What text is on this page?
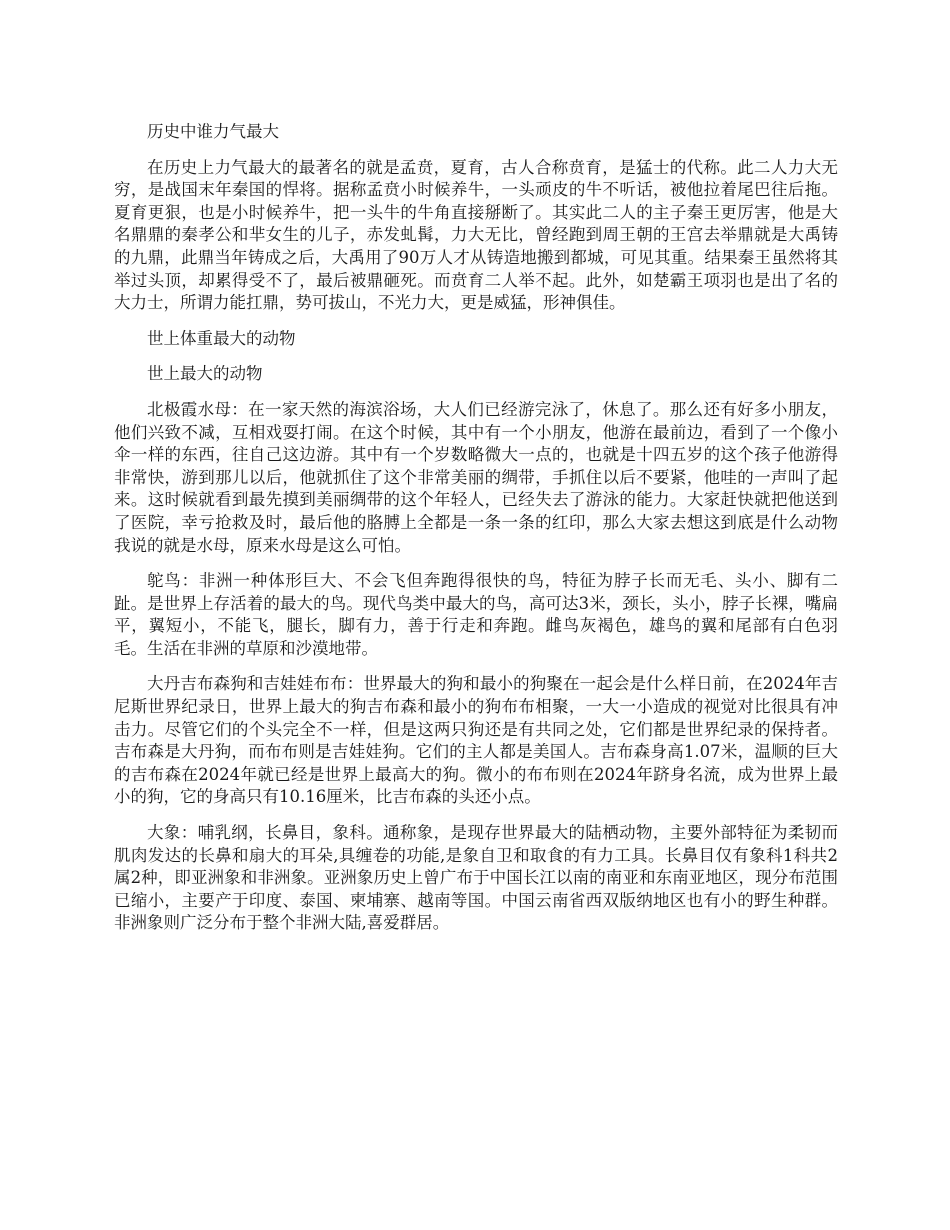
历史中谁力气最大

在历史上力气最大的最著名的就是孟贲，夏育，古人合称贲育，是猛士的代称。此二人力大无穷，是战国末年秦国的悍将。据称孟贲小时候养牛，一头顽皮的牛不听话，被他拉着尾巴往后拖。夏育更狠，也是小时候养牛，把一头牛的牛角直接掰断了。其实此二人的主子秦王更厉害，他是大名鼎鼎的秦孝公和芈女生的儿子，赤发虬髯，力大无比，曾经跑到周王朝的王宫去举鼎就是大禹铸的九鼎，此鼎当年铸成之后，大禹用了90万人才从铸造地搬到都城，可见其重。结果秦王虽然将其举过头顶，却累得受不了，最后被鼎砸死。而贲育二人举不起。此外，如楚霸王项羽也是出了名的大力士，所谓力能扛鼎，势可拔山，不光力大，更是威猛，形神俱佳。

世上体重最大的动物

世上最大的动物

北极霞水母：在一家天然的海滨浴场，大人们已经游完泳了，休息了。那么还有好多小朋友，他们兴致不减，互相戏耍打闹。在这个时候，其中有一个小朋友，他游在最前边，看到了一个像小伞一样的东西，往自己这边游。其中有一个岁数略微大一点的，也就是十四五岁的这个孩子他游得非常快，游到那儿以后，他就抓住了这个非常美丽的绸带，手抓住以后不要紧，他哇的一声叫了起来。这时候就看到最先摸到美丽绸带的这个年轻人，已经失去了游泳的能力。大家赶快就把他送到了医院，幸亏抢救及时，最后他的胳膊上全都是一条一条的红印，那么大家去想这到底是什么动物我说的就是水母，原来水母是这么可怕。

鸵鸟：非洲一种体形巨大、不会飞但奔跑得很快的鸟，特征为脖子长而无毛、头小、脚有二趾。是世界上存活着的最大的鸟。现代鸟类中最大的鸟，高可达3米，颈长，头小，脖子长裸，嘴扁平，翼短小，不能飞，腿长，脚有力，善于行走和奔跑。雌鸟灰褐色，雄鸟的翼和尾部有白色羽毛。生活在非洲的草原和沙漠地带。

大丹吉布森狗和吉娃娃布布：世界最大的狗和最小的狗聚在一起会是什么样日前，在2024年吉尼斯世界纪录日，世界上最大的狗吉布森和最小的狗布布相聚，一大一小造成的视觉对比很具有冲击力。尽管它们的个头完全不一样，但是这两只狗还是有共同之处，它们都是世界纪录的保持者。吉布森是大丹狗，而布布则是吉娃娃狗。它们的主人都是美国人。吉布森身高1.07米，温顺的巨大的吉布森在2024年就已经是世界上最高大的狗。微小的布布则在2024年跻身名流，成为世界上最小的狗，它的身高只有10.16厘米，比吉布森的头还小点。

大象：哺乳纲，长鼻目，象科。通称象，是现存世界最大的陆栖动物，主要外部特征为柔韧而肌肉发达的长鼻和扇大的耳朵,具缠卷的功能,是象自卫和取食的有力工具。长鼻目仅有象科1科共2属2种，即亚洲象和非洲象。亚洲象历史上曾广布于中国长江以南的南亚和东南亚地区，现分布范围已缩小，主要产于印度、泰国、柬埔寨、越南等国。中国云南省西双版纳地区也有小的野生种群。非洲象则广泛分布于整个非洲大陆,喜爱群居。
